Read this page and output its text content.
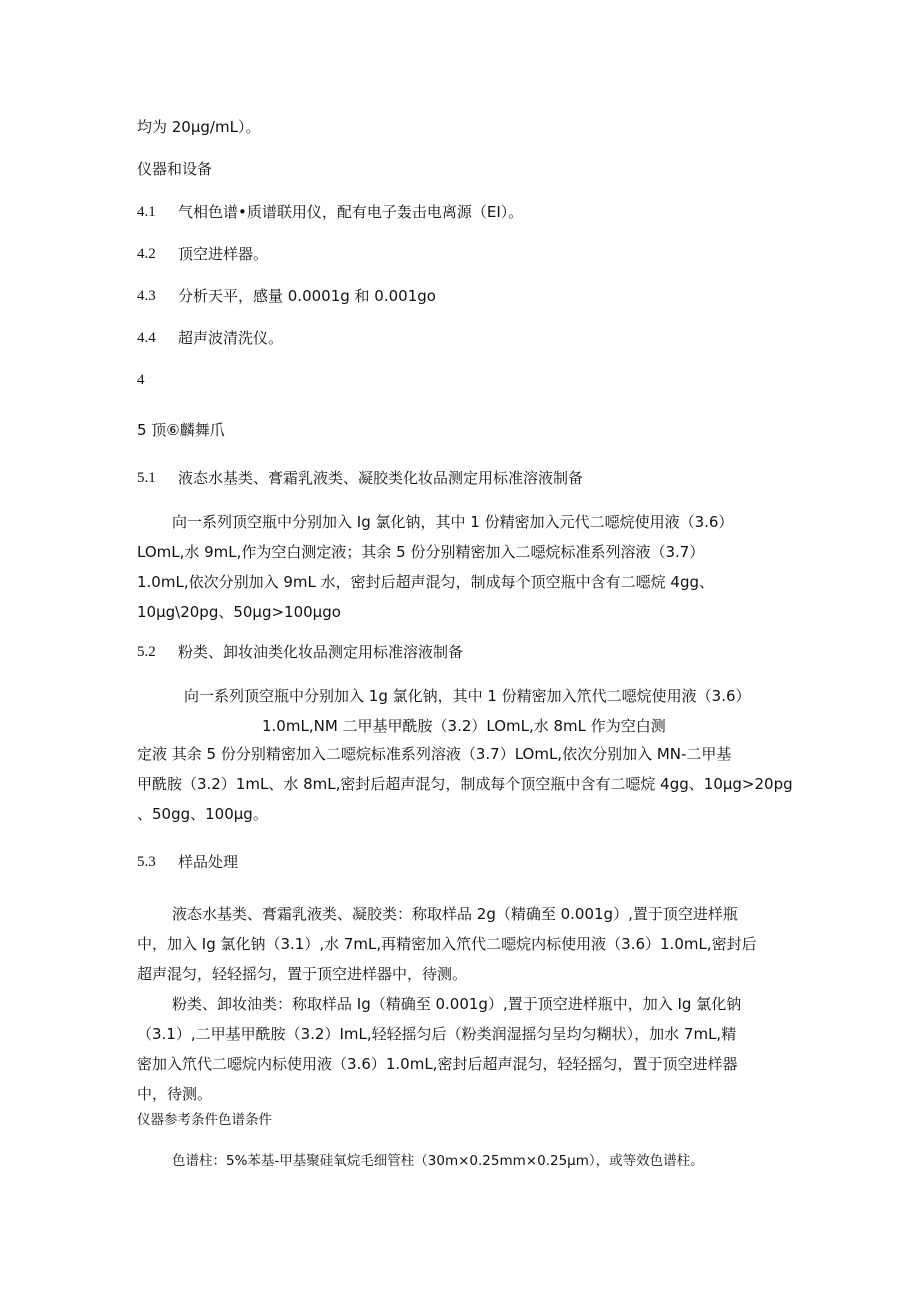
均为 20μg/mL）。
仪器和设备
4.1 气相色谱•质谱联用仪，配有电子轰击电离源（EI）。
4.2 顶空进样器。
4.3 分析天平，感量 0.0001g 和 0.001go
4.4 超声波清洗仪。
4
5 顶⑥麟舞爪
5.1 液态水基类、膏霜乳液类、凝胶类化妆品测定用标准溶液制备
向一系列顶空瓶中分别加入 Ig 氯化钠，其中 1 份精密加入元代二噁烷使用液（3.6）
LOmL,水 9mL,作为空白测定液；其余 5 份分别精密加入二噁烷标准系列溶液（3.7）
1.0mL,依次分别加入 9mL 水，密封后超声混匀，制成每个顶空瓶中含有二噁烷 4gg、
10μg\20pg、50μg>100μgo
5.2 粉类、卸妆油类化妆品测定用标准溶液制备
向一系列顶空瓶中分别加入 1g 氯化钠，其中 1 份精密加入笊代二噁烷使用液（3.6）
1.0mL,NM 二甲基甲酰胺（3.2）LOmL,水 8mL 作为空白测
定液 其余 5 份分别精密加入二噁烷标准系列溶液（3.7）LOmL,依次分别加入 MN-二甲基
甲酰胺（3.2）1mL、水 8mL,密封后超声混匀，制成每个顶空瓶中含有二噁烷 4gg、10μg>20pg
、50gg、100μg。
5.3 样品处理
液态水基类、膏霜乳液类、凝胶类：称取样品 2g（精确至 0.001g）,置于顶空进样瓶
中，加入 Ig 氯化钠（3.1）,水 7mL,再精密加入笊代二噁烷内标使用液（3.6）1.0mL,密封后
超声混匀，轻轻摇匀，置于顶空进样器中，待测。
粉类、卸妆油类：称取样品 Ig（精确至 0.001g）,置于顶空进样瓶中，加入 Ig 氯化钠
（3.1）,二甲基甲酰胺（3.2）ImL,轻轻摇匀后（粉类润湿摇匀呈均匀糊状），加水 7mL,精
密加入笊代二噁烷内标使用液（3.6）1.0mL,密封后超声混匀，轻轻摇匀，置于顶空进样器
中，待测。
仪器参考条件色谱条件
色谱柱：5%苯基-甲基聚硅氧烷毛细管柱（30m×0.25mm×0.25μm），或等效色谱柱。
